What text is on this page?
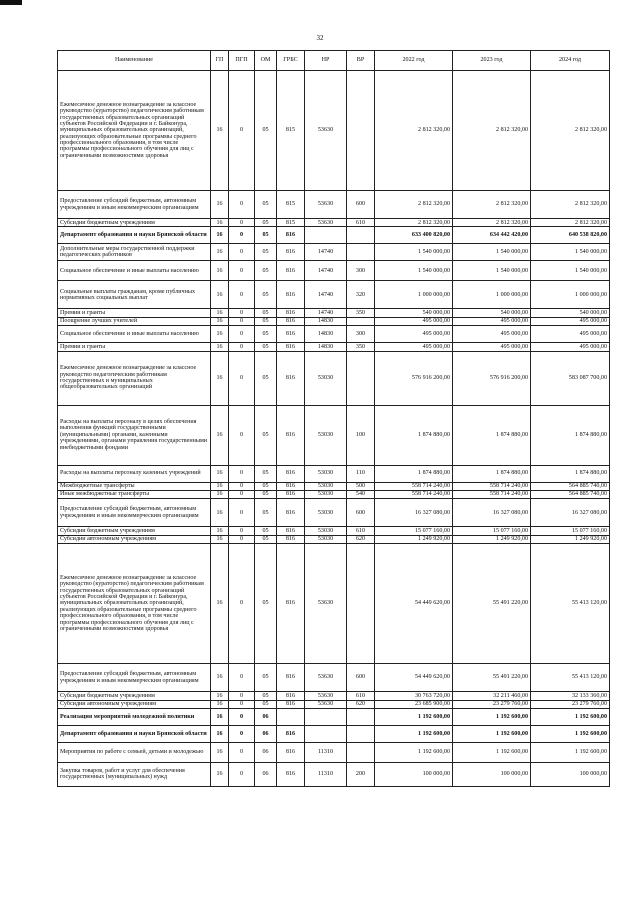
32
Наименование	ГП	ПГП	ОМ	ГРБС	НР	ВР	2022 год	2023 год	2024 год
Ежемесячное денежное вознаграждение за классное руководство (кураторство) педагогическим работникам государственных образовательных организаций субъектов Российской Федерации и г. Байконура, муниципальных образовательных организаций, реализующих образовательные программы среднего профессионального образования, в том числе программы профессионального обучения для лиц с ограниченными возможностями здоровья	16	0	05	815	53630		2 812 320,00	2 812 320,00	2 812 320,00
Предоставление субсидий бюджетным, автономным учреждениям и иным некоммерческим организациям	16	0	05	815	53630	600	2 812 320,00	2 812 320,00	2 812 320,00
Субсидии бюджетным учреждениям	16	0	05	815	53630	610	2 812 320,00	2 812 320,00	2 812 320,00
Департамент образования и науки Брянской области	16	0	05	816			633 400 820,00	634 442 420,00	640 538 820,00
Дополнительные меры государственной поддержки педагогических работников	16	0	05	816	14740		1 540 000,00	1 540 000,00	1 540 000,00
Социальное обеспечение и иные выплаты населению	16	0	05	816	14740	300	1 540 000,00	1 540 000,00	1 540 000,00
Социальные выплаты гражданам, кроме публичных нормативных социальных выплат	16	0	05	816	14740	320	1 000 000,00	1 000 000,00	1 000 000,00
Премии и гранты	16	0	05	816	14740	350	540 000,00	540 000,00	540 000,00
Поощрение лучших учителей	16	0	05	816	14830		495 000,00	495 000,00	495 000,00
Социальное обеспечение и иные выплаты населению	16	0	05	816	14830	300	495 000,00	495 000,00	495 000,00
Премии и гранты	16	0	05	816	14830	350	495 000,00	495 000,00	495 000,00
Ежемесячное денежное вознаграждение за классное руководство педагогическим работникам государственных и муниципальных общеобразовательных организаций	16	0	05	816	53030		576 916 200,00	576 916 200,00	583 087 700,00
Расходы на выплаты персоналу в целях обеспечения выполнения функций государственными (муниципальными) органами, казенными учреждениями, органами управления государственными внебюджетными фондами	16	0	05	816	53030	100	1 874 880,00	1 874 880,00	1 874 880,00
Расходы на выплаты персоналу казенных учреждений	16	0	05	816	53030	110	1 874 880,00	1 874 880,00	1 874 880,00
Межбюджетные трансферты	16	0	05	816	53030	500	558 714 240,00	558 714 240,00	564 885 740,00
Иные межбюджетные трансферты	16	0	05	816	53030	540	558 714 240,00	558 714 240,00	564 885 740,00
Предоставление субсидий бюджетным, автономным учреждениям и иным некоммерческим организациям	16	0	05	816	53030	600	16 327 080,00	16 327 080,00	16 327 080,00
Субсидии бюджетным учреждениям	16	0	05	816	53030	610	15 077 160,00	15 077 160,00	15 077 160,00
Субсидии автономным учреждениям	16	0	05	816	53030	620	1 249 920,00	1 249 920,00	1 249 920,00
Ежемесячное денежное вознаграждение за классное руководство (кураторство) педагогическим работникам государственных образовательных организаций субъектов Российской Федерации и г. Байконура, муниципальных образовательных организаций, реализующих образовательные программы среднего профессионального образования, в том числе программы профессионального обучения для лиц с ограниченными возможностями здоровья	16	0	05	816	53630		54 449 620,00	55 491 220,00	55 413 120,00
Предоставление субсидий бюджетным, автономным учреждениям и иным некоммерческим организациям	16	0	05	816	53630	600	54 449 620,00	55 491 220,00	55 413 120,00
Субсидии бюджетным учреждениям	16	0	05	816	53630	610	30 763 720,00	32 211 460,00	32 133 360,00
Субсидии автономным учреждениям	16	0	05	816	53630	620	23 685 900,00	23 279 760,00	23 279 760,00
Реализация мероприятий молодежной политики	16	0	06				1 192 600,00	1 192 600,00	1 192 600,00
Департамент образования и науки Брянской области	16	0	06	816			1 192 600,00	1 192 600,00	1 192 600,00
Мероприятия по работе с семьей, детьми и молодежью	16	0	06	816	11310		1 192 600,00	1 192 600,00	1 192 600,00
Закупка товаров, работ и услуг для обеспечения государственных (муниципальных) нужд	16	0	06	816	11310	200	100 000,00	100 000,00	100 000,00
